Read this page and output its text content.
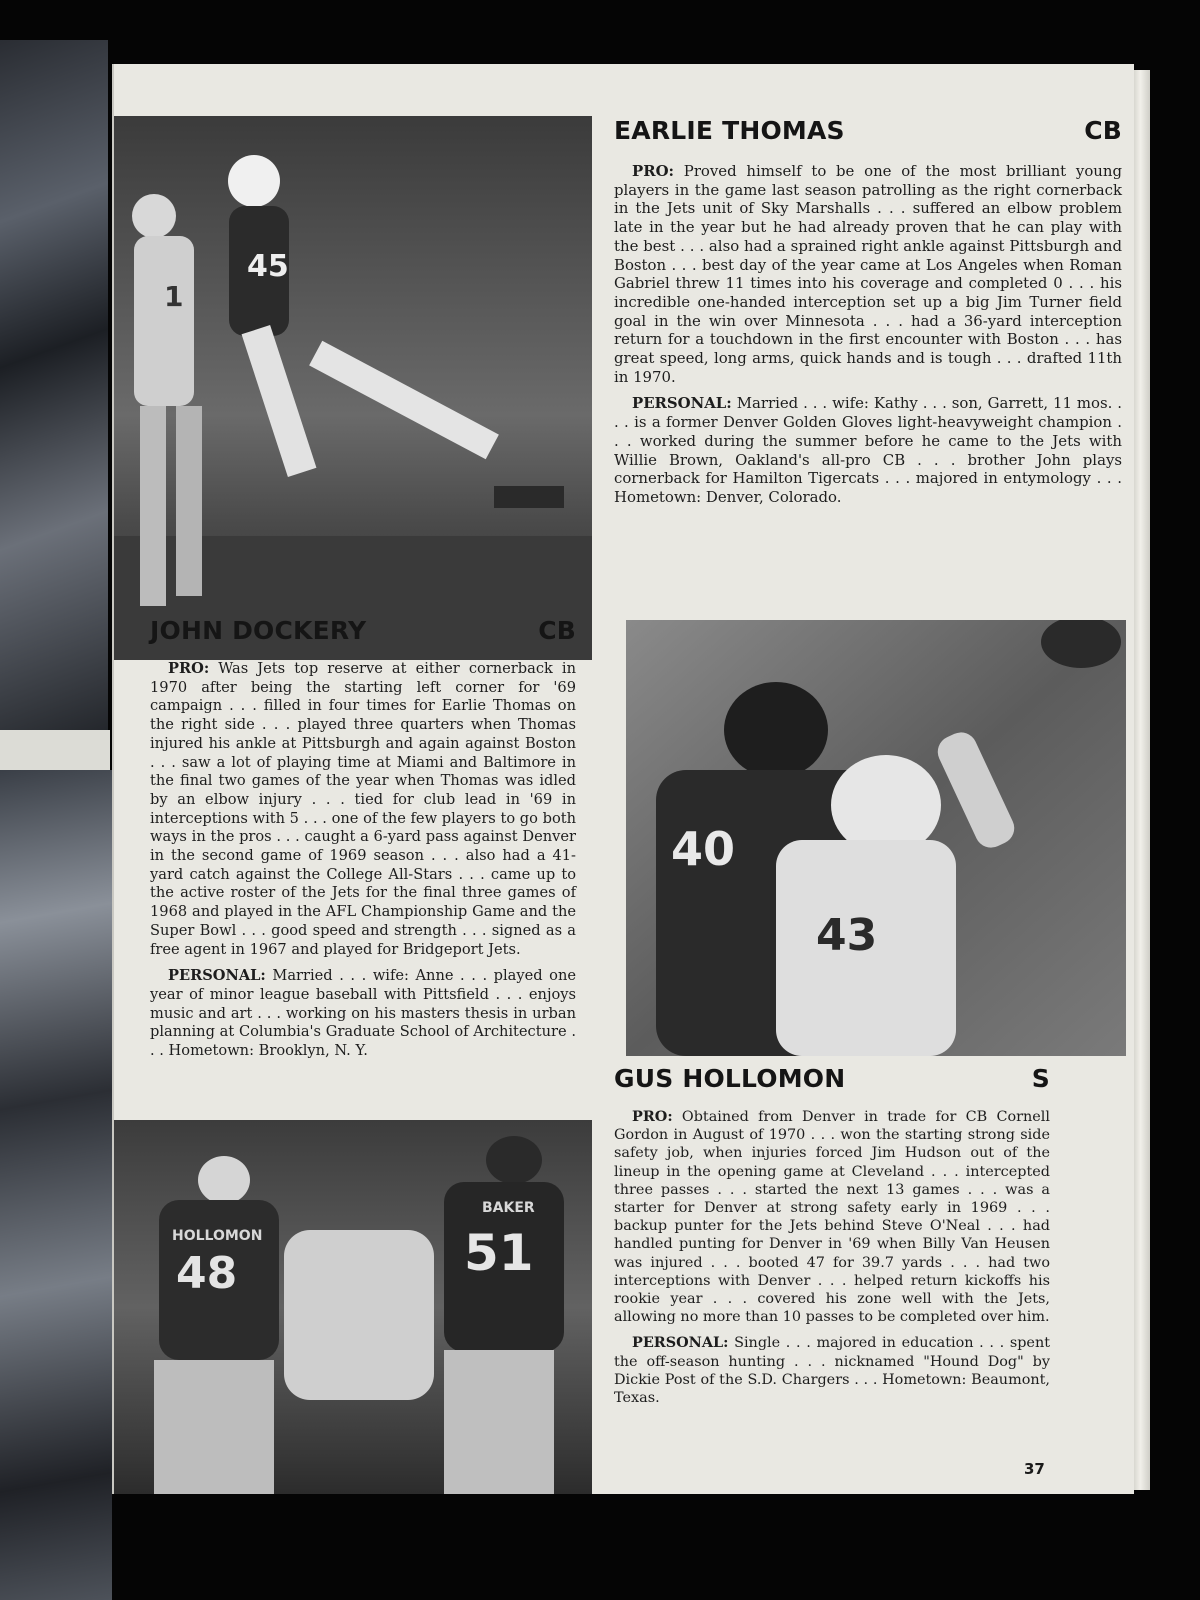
45
1
EARLIE THOMAS	CB

PRO: Proved himself to be one of the most brilliant young players in the game last season patrolling as the right cornerback in the Jets unit of Sky Marshalls . . . suffered an elbow problem late in the year but he had already proven that he can play with the best . . . also had a sprained right ankle against Pittsburgh and Boston . . . best day of the year came at Los Angeles when Roman Gabriel threw 11 times into his coverage and completed 0 . . . his incredible one-handed interception set up a big Jim Turner field goal in the win over Minnesota . . . had a 36-yard interception return for a touchdown in the first encounter with Boston . . . has great speed, long arms, quick hands and is tough . . . drafted 11th in 1970.

PERSONAL: Married . . . wife: Kathy . . . son, Garrett, 11 mos. . . . is a former Denver Golden Gloves light-heavyweight champion . . . worked during the summer before he came to the Jets with Willie Brown, Oakland's all-pro CB . . . brother John plays cornerback for Hamilton Tigercats . . . majored in entymology . . . Hometown: Denver, Colorado.

JOHN DOCKERY	CB

PRO: Was Jets top reserve at either cornerback in 1970 after being the starting left corner for '69 campaign . . . filled in four times for Earlie Thomas on the right side . . . played three quarters when Thomas injured his ankle at Pittsburgh and again against Boston . . . saw a lot of playing time at Miami and Baltimore in the final two games of the year when Thomas was idled by an elbow injury . . . tied for club lead in '69 in interceptions with 5 . . . one of the few players to go both ways in the pros . . . caught a 6-yard pass against Denver in the second game of 1969 season . . . also had a 41-yard catch against the College All-Stars . . . came up to the active roster of the Jets for the final three games of 1968 and played in the AFL Championship Game and the Super Bowl . . . good speed and strength . . . signed as a free agent in 1967 and played for Bridgeport Jets.

PERSONAL: Married . . . wife: Anne . . . played one year of minor league baseball with Pittsfield . . . enjoys music and art . . . working on his masters thesis in urban planning at Columbia's Graduate School of Architecture . . . Hometown: Brooklyn, N. Y.

40
43
GUS HOLLOMON	S

PRO: Obtained from Denver in trade for CB Cornell Gordon in August of 1970 . . . won the starting strong side safety job, when injuries forced Jim Hudson out of the lineup in the opening game at Cleveland . . . intercepted three passes . . . started the next 13 games . . . was a starter for Denver at strong safety early in 1969 . . . backup punter for the Jets behind Steve O'Neal . . . had handled punting for Denver in '69 when Billy Van Heusen was injured . . . booted 47 for 39.7 yards . . . had two interceptions with Denver . . . helped return kickoffs his rookie year . . . covered his zone well with the Jets, allowing no more than 10 passes to be completed over him.

PERSONAL: Single . . . majored in education . . . spent the off-season hunting . . . nicknamed "Hound Dog" by Dickie Post of the S.D. Chargers . . . Hometown: Beaumont, Texas.

HOLLOMON
48
BAKER
51
37
